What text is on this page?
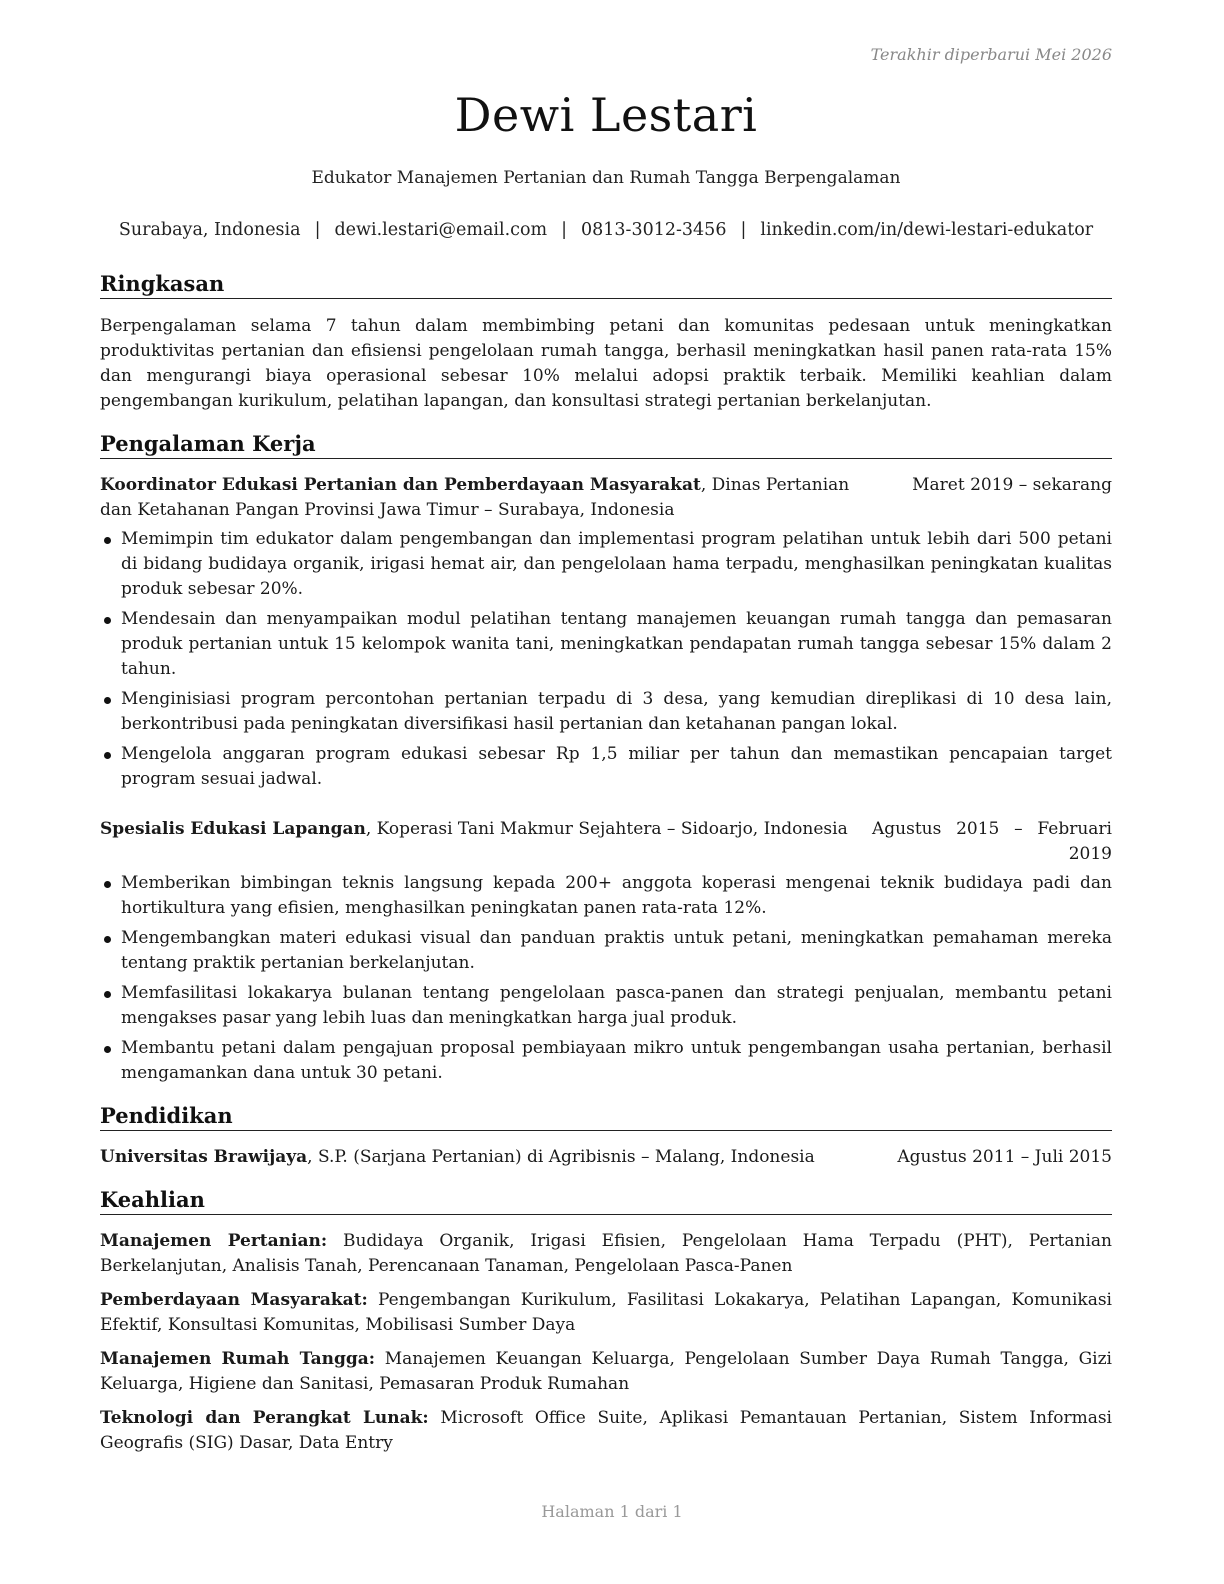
Terakhir diperbarui Mei 2026
Dewi Lestari
Edukator Manajemen Pertanian dan Rumah Tangga Berpengalaman
Surabaya, Indonesia | dewi.lestari@email.com | 0813-3012-3456 | linkedin.com/in/dewi-lestari-edukator
Ringkasan

Berpengalaman selama 7 tahun dalam membimbing petani dan komunitas pedesaan untuk meningkatkan produktivitas pertanian dan efisiensi pengelolaan rumah tangga, berhasil meningkatkan hasil panen rata-rata 15% dan mengurangi biaya operasional sebesar 10% melalui adopsi praktik terbaik. Memiliki keahlian dalam pengembangan kurikulum, pelatihan lapangan, dan konsultasi strategi pertanian berkelanjutan.

Pengalaman Kerja
Koordinator Edukasi Pertanian dan Pemberdayaan Masyarakat, Dinas Pertanian dan Ketahanan Pangan Provinsi Jawa Timur – Surabaya, Indonesia
Maret 2019 – sekarang
Memimpin tim edukator dalam pengembangan dan implementasi program pelatihan untuk lebih dari 500 petani di bidang budidaya organik, irigasi hemat air, dan pengelolaan hama terpadu, menghasilkan peningkatan kualitas produk sebesar 20%.
Mendesain dan menyampaikan modul pelatihan tentang manajemen keuangan rumah tangga dan pemasaran produk pertanian untuk 15 kelompok wanita tani, meningkatkan pendapatan rumah tangga sebesar 15% dalam 2 tahun.
Menginisiasi program percontohan pertanian terpadu di 3 desa, yang kemudian direplikasi di 10 desa lain, berkontribusi pada peningkatan diversifikasi hasil pertanian dan ketahanan pangan lokal.
Mengelola anggaran program edukasi sebesar Rp 1,5 miliar per tahun dan memastikan pencapaian target program sesuai jadwal.
Spesialis Edukasi Lapangan, Koperasi Tani Makmur Sejahtera – Sidoarjo, Indonesia	Agustus 2015 – Februari 2019
Memberikan bimbingan teknis langsung kepada 200+ anggota koperasi mengenai teknik budidaya padi dan hortikultura yang efisien, menghasilkan peningkatan panen rata-rata 12%.
Mengembangkan materi edukasi visual dan panduan praktis untuk petani, meningkatkan pemahaman mereka tentang praktik pertanian berkelanjutan.
Memfasilitasi lokakarya bulanan tentang pengelolaan pasca-panen dan strategi penjualan, membantu petani mengakses pasar yang lebih luas dan meningkatkan harga jual produk.
Membantu petani dalam pengajuan proposal pembiayaan mikro untuk pengembangan usaha pertanian, berhasil mengamankan dana untuk 30 petani.
Pendidikan
Universitas Brawijaya, S.P. (Sarjana Pertanian) di Agribisnis – Malang, Indonesia	Agustus 2011 – Juli 2015
Keahlian
Manajemen Pertanian: Budidaya Organik, Irigasi Efisien, Pengelolaan Hama Terpadu (PHT), Pertanian Berkelanjutan, Analisis Tanah, Perencanaan Tanaman, Pengelolaan Pasca-Panen
Pemberdayaan Masyarakat: Pengembangan Kurikulum, Fasilitasi Lokakarya, Pelatihan Lapangan, Komunikasi Efektif, Konsultasi Komunitas, Mobilisasi Sumber Daya
Manajemen Rumah Tangga: Manajemen Keuangan Keluarga, Pengelolaan Sumber Daya Rumah Tangga, Gizi Keluarga, Higiene dan Sanitasi, Pemasaran Produk Rumahan
Teknologi dan Perangkat Lunak: Microsoft Office Suite, Aplikasi Pemantauan Pertanian, Sistem Informasi Geografis (SIG) Dasar, Data Entry
Halaman 1 dari 1
